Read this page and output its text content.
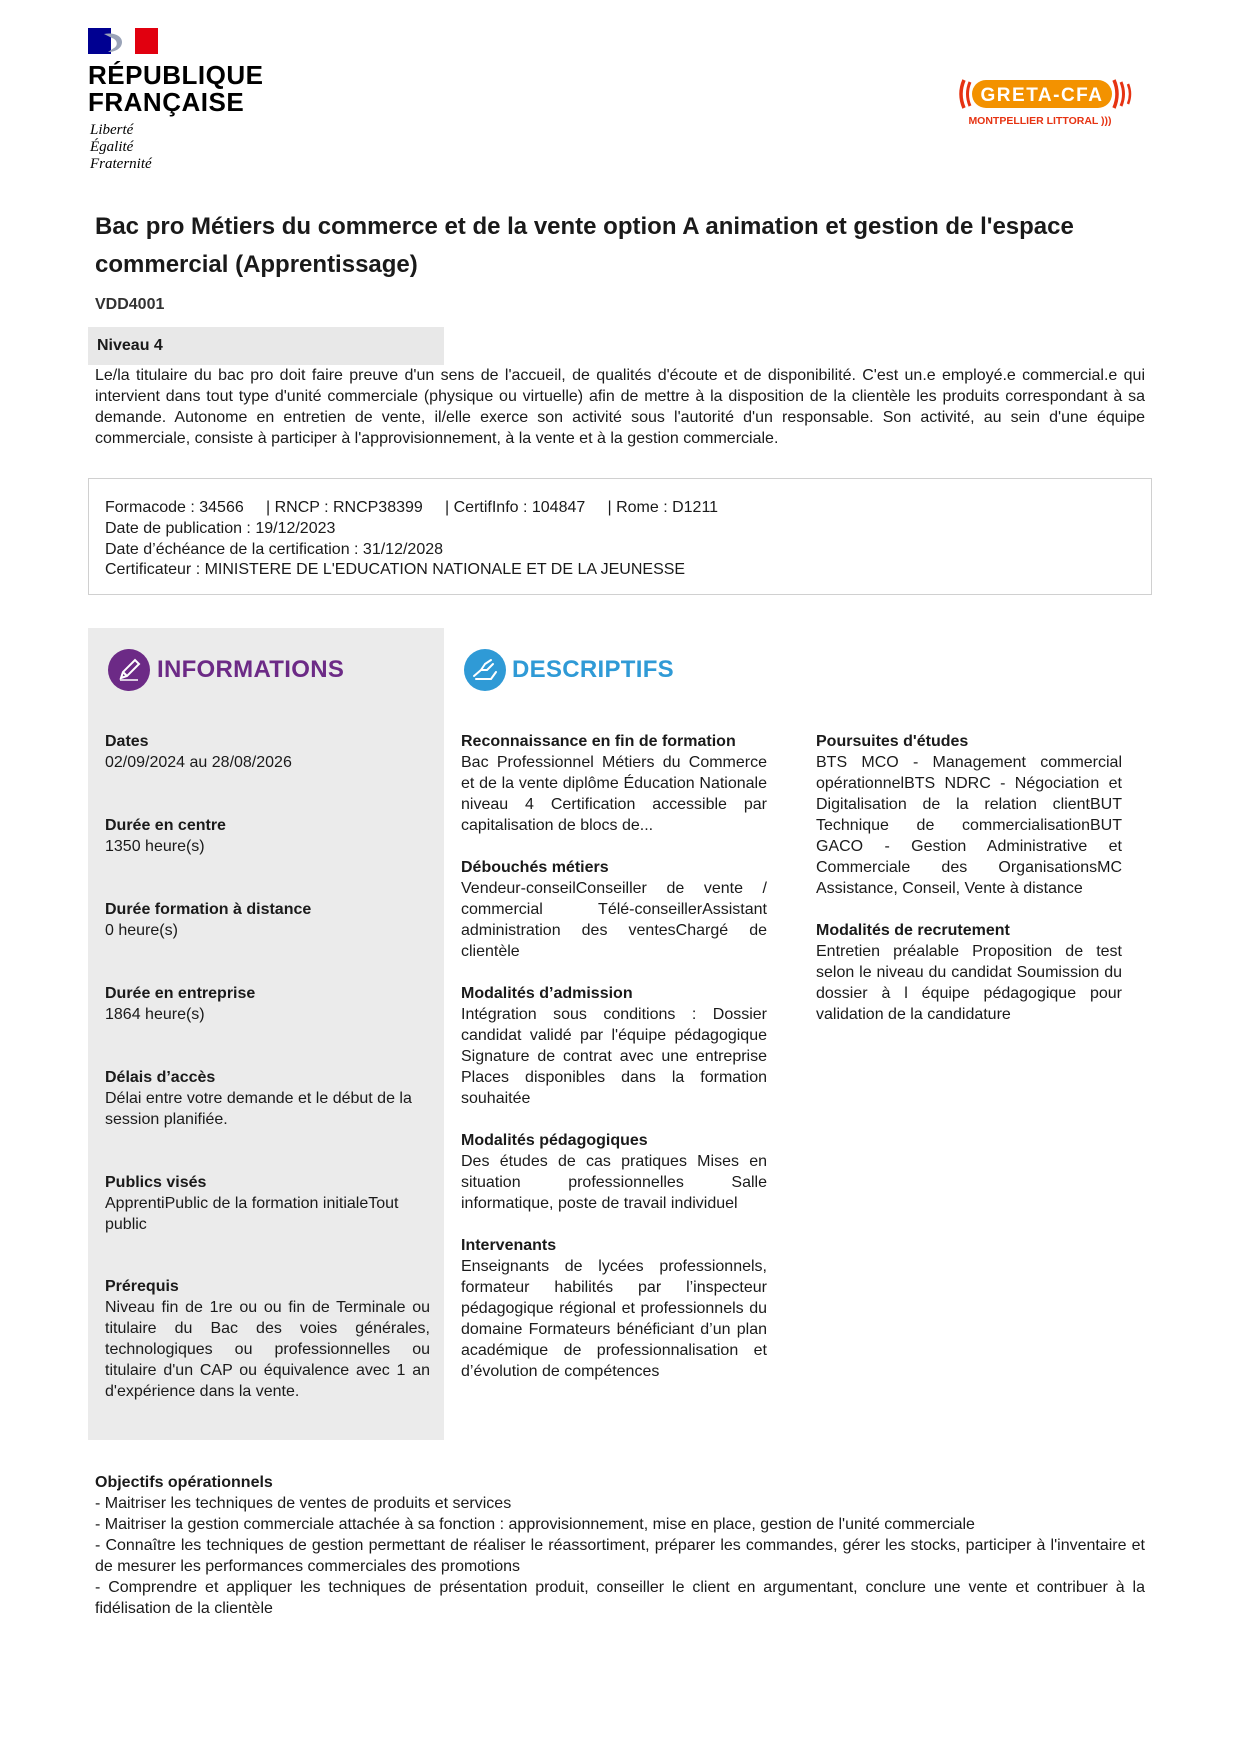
RÉPUBLIQUE
FRANÇAISE
Liberté
Égalité
Fraternité
GRETA-CFA
MONTPELLIER LITTORAL )))
Bac pro Métiers du commerce et de la vente option A animation et gestion de l'espace commercial (Apprentissage)
VDD4001
Niveau 4
Le/la titulaire du bac pro doit faire preuve d'un sens de l'accueil, de qualités d'écoute et de disponibilité. C'est un.e employé.e commercial.e qui intervient dans tout type d'unité commerciale (physique ou virtuelle) afin de mettre à la disposition de la clientèle les produits correspondant à sa demande. Autonome en entretien de vente, il/elle exerce son activité sous l'autorité d'un responsable. Son activité, au sein d'une équipe commerciale, consiste à participer à l'approvisionnement, à la vente et à la gestion commerciale.
Formacode : 34566     | RNCP : RNCP38399     | CertifInfo : 104847     | Rome : D1211
Date de publication : 19/12/2023
Date d’échéance de la certification : 31/12/2028
Certificateur : MINISTERE DE L'EDUCATION NATIONALE ET DE LA JEUNESSE
INFORMATIONS
Dates
02/09/2024 au 28/08/2026
Durée en centre
1350 heure(s)
Durée formation à distance
0 heure(s)
Durée en entreprise
1864 heure(s)
Délais d’accès
Délai entre votre demande et le début de la session planifiée.
Publics visés
ApprentiPublic de la formation initialeTout public
Prérequis
Niveau fin de 1re ou ou fin de Terminale ou titulaire du Bac des voies générales, technologiques ou professionnelles ou titulaire d'un CAP ou équivalence avec 1 an d'expérience dans la vente.
DESCRIPTIFS
Reconnaissance en fin de formation
Bac Professionnel Métiers du Commerce et de la vente diplôme Éducation Nationale niveau 4 Certification accessible par capitalisation de blocs de...
Débouchés métiers
Vendeur-conseilConseiller de vente / commercial Télé-conseillerAssistant administration des ventesChargé de clientèle
Modalités d’admission
Intégration sous conditions : Dossier candidat validé par l'équipe pédagogique Signature de contrat avec une entreprise Places disponibles dans la formation souhaitée
Modalités pédagogiques
Des études de cas pratiques Mises en situation professionnelles Salle informatique, poste de travail individuel
Intervenants
Enseignants de lycées professionnels, formateur habilités par l’inspecteur pédagogique régional et professionnels du domaine Formateurs bénéficiant d’un plan académique de professionnalisation et d’évolution de compétences
Poursuites d'études
BTS MCO - Management commercial opérationnelBTS NDRC - Négociation et Digitalisation de la relation clientBUT Technique de commercialisationBUT GACO - Gestion Administrative et Commerciale des OrganisationsMC Assistance, Conseil, Vente à distance
Modalités de recrutement
Entretien préalable Proposition de test selon le niveau du candidat Soumission du dossier à l équipe pédagogique pour validation de la candidature
Objectifs opérationnels
- Maitriser les techniques de ventes de produits et services
- Maitriser la gestion commerciale attachée à sa fonction : approvisionnement, mise en place, gestion de l'unité commerciale
- Connaître les techniques de gestion permettant de réaliser le réassortiment, préparer les commandes, gérer les stocks, participer à l'inventaire et de mesurer les performances commerciales des promotions
- Comprendre et appliquer les techniques de présentation produit, conseiller le client en argumentant, conclure une vente et contribuer à la fidélisation de la clientèle
